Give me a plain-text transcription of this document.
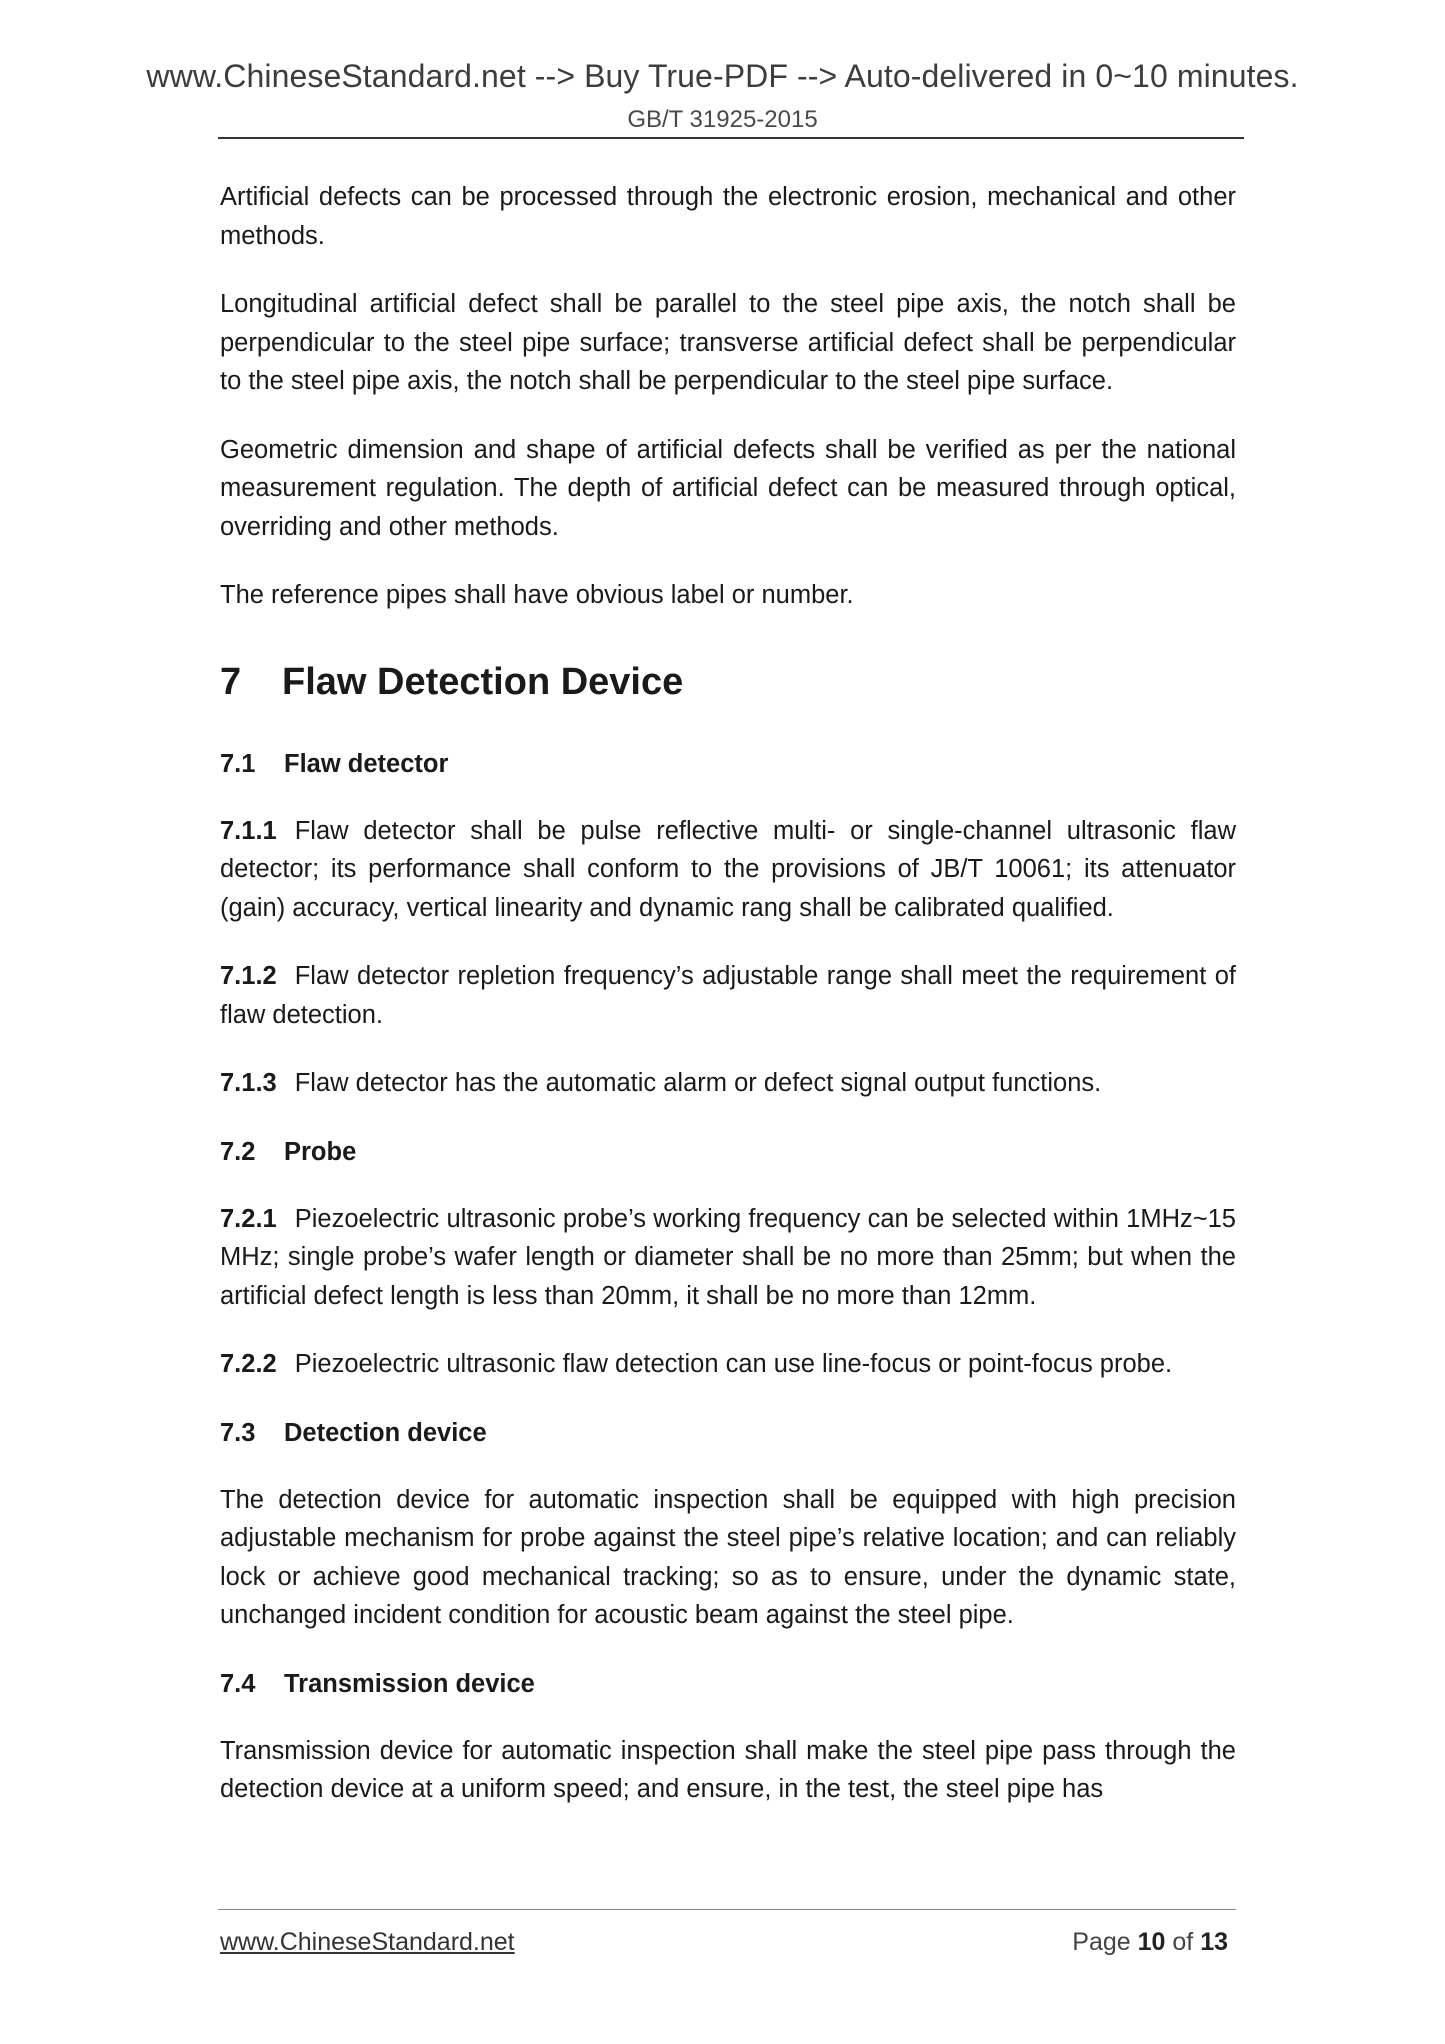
www.ChineseStandard.net --> Buy True-PDF --> Auto-delivered in 0~10 minutes.
GB/T 31925-2015

Artificial defects can be processed through the electronic erosion, mechanical and other methods.

Longitudinal artificial defect shall be parallel to the steel pipe axis, the notch shall be perpendicular to the steel pipe surface; transverse artificial defect shall be perpendicular to the steel pipe axis, the notch shall be perpendicular to the steel pipe surface.

Geometric dimension and shape of artificial defects shall be verified as per the national measurement regulation. The depth of artificial defect can be measured through optical, overriding and other methods.

The reference pipes shall have obvious label or number.

7 Flaw Detection Device
7.1 Flaw detector

7.1.1 Flaw detector shall be pulse reflective multi- or single-channel ultrasonic flaw detector; its performance shall conform to the provisions of JB/T 10061; its attenuator (gain) accuracy, vertical linearity and dynamic rang shall be calibrated qualified.

7.1.2 Flaw detector repletion frequency’s adjustable range shall meet the requirement of flaw detection.

7.1.3 Flaw detector has the automatic alarm or defect signal output functions.

7.2 Probe

7.2.1 Piezoelectric ultrasonic probe’s working frequency can be selected within 1MHz~15 MHz; single probe’s wafer length or diameter shall be no more than 25mm; but when the artificial defect length is less than 20mm, it shall be no more than 12mm.

7.2.2 Piezoelectric ultrasonic flaw detection can use line-focus or point-focus probe.

7.3 Detection device

The detection device for automatic inspection shall be equipped with high precision adjustable mechanism for probe against the steel pipe’s relative location; and can reliably lock or achieve good mechanical tracking; so as to ensure, under the dynamic state, unchanged incident condition for acoustic beam against the steel pipe.

7.4 Transmission device

Transmission device for automatic inspection shall make the steel pipe pass through the detection device at a uniform speed; and ensure, in the test, the steel pipe has

www.ChineseStandard.net	Page 10 of 13
